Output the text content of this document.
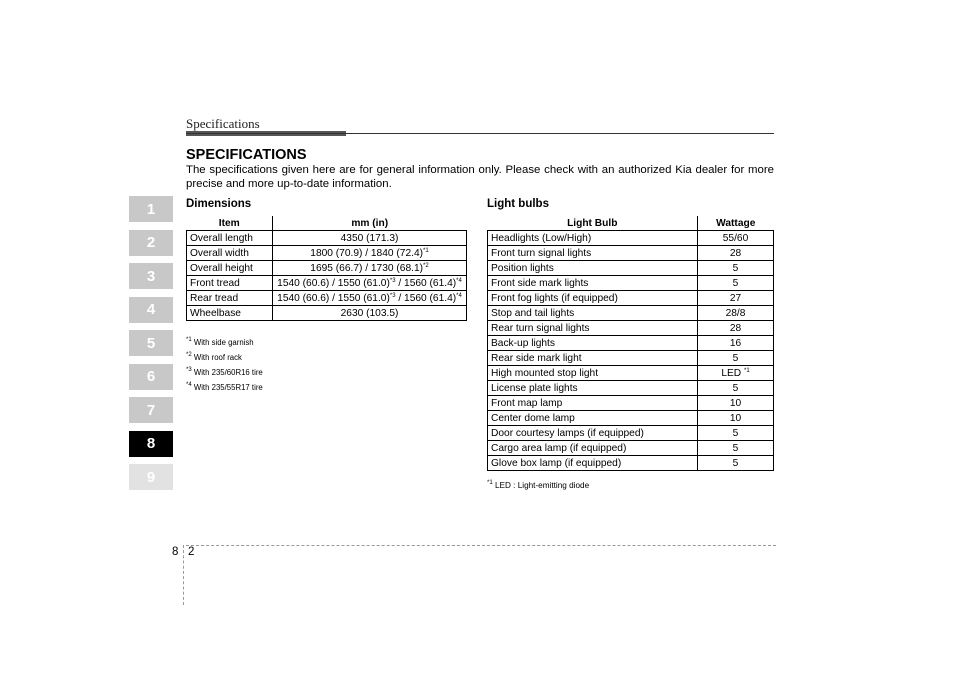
Specifications
1
2
3
4
5
6
7
8
9
SPECIFICATIONS
The specifications given here are for general information only. Please check with an authorized Kia dealer for more precise and more up-to-date information.
Dimensions
Item	mm (in)
Overall length	4350 (171.3)
Overall width	1800 (70.9) / 1840 $(72.4)^{*1}$
Overall height	1695 (66.7) / 1730 $(68.1)^{*2}$
Front tread	1540 (60.6) / 1550 $(61.0)^{*3} / 1560$ $(61.4)^{*4}$
Rear tread	1540 (60.6) / 1550 $(61.0)^{*3} / 1560$ $(61.4)^{*4}$
Wheelbase	2630 (103.5)
$^{*1}$ With side garnish
$^{*2}$ With roof rack
$^{*3}$ With 235/60R16 tire
$^{*4}$ With 235/55R17 tire
Light bulbs
Light Bulb	Wattage
Headlights (Low/High)	55/60
Front turn signal lights	28
Position lights	5
Front side mark lights	5
Front fog lights (if equipped)	27
Stop and tail lights	28/8
Rear turn signal lights	28
Back-up lights	16
Rear side mark light	5
High mounted stop light	LED $^{*1}$
License plate lights	5
Front map lamp	10
Center dome lamp	10
Door courtesy lamps (if equipped)	5
Cargo area lamp (if equipped)	5
Glove box lamp (if equipped)	5
$^{*1}$ LED : Light-emitting diode
8 2
